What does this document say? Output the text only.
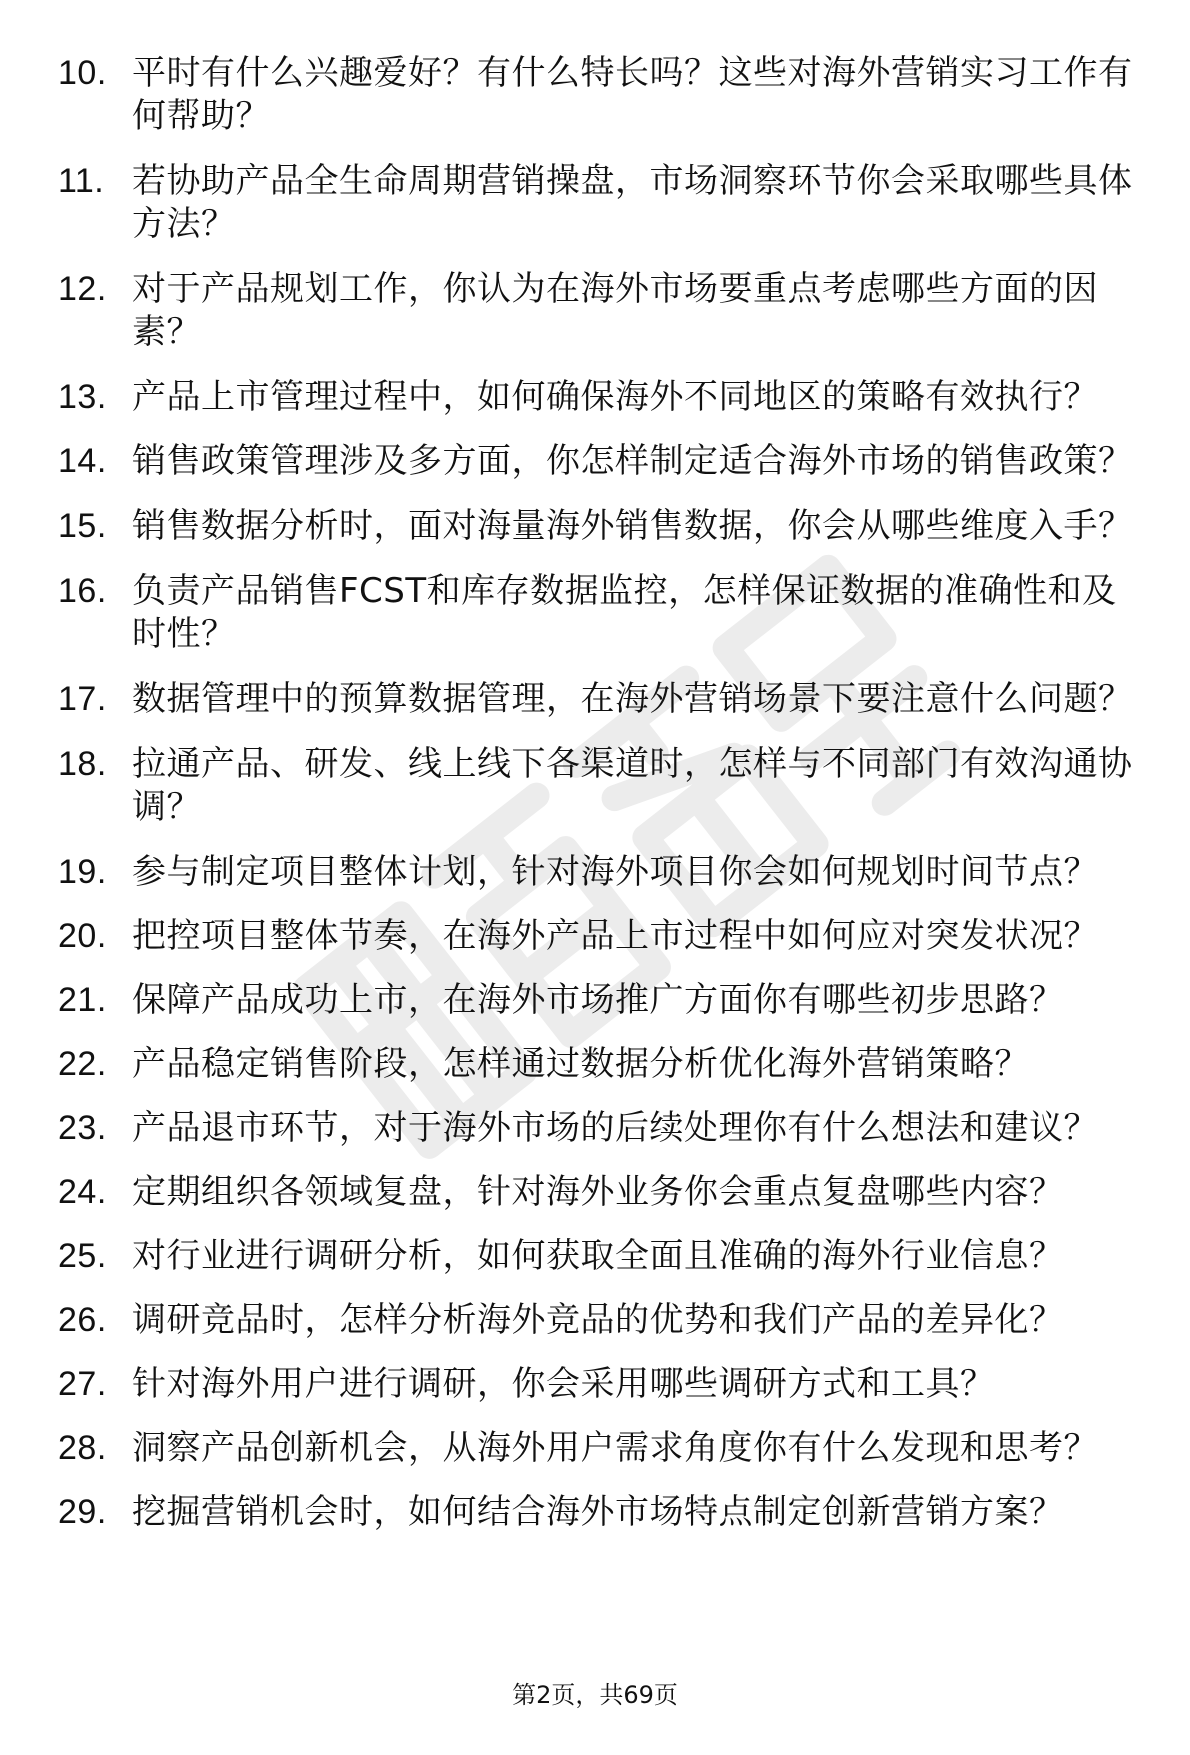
10. 平时有什么兴趣爱好？有什么特长吗？这些对海外营销实习工作有何帮助？
11. 若协助产品全生命周期营销操盘，市场洞察环节你会采取哪些具体方法？
12. 对于产品规划工作，你认为在海外市场要重点考虑哪些方面的因素？
13. 产品上市管理过程中，如何确保海外不同地区的策略有效执行？
14. 销售政策管理涉及多方面，你怎样制定适合海外市场的销售政策？
15. 销售数据分析时，面对海量海外销售数据，你会从哪些维度入手？
16. 负责产品销售FCST和库存数据监控，怎样保证数据的准确性和及时性？
17. 数据管理中的预算数据管理，在海外营销场景下要注意什么问题？
18. 拉通产品、研发、线上线下各渠道时，怎样与不同部门有效沟通协调？
19. 参与制定项目整体计划，针对海外项目你会如何规划时间节点？
20. 把控项目整体节奏，在海外产品上市过程中如何应对突发状况？
21. 保障产品成功上市，在海外市场推广方面你有哪些初步思路？
22. 产品稳定销售阶段，怎样通过数据分析优化海外营销策略？
23. 产品退市环节，对于海外市场的后续处理你有什么想法和建议？
24. 定期组织各领域复盘，针对海外业务你会重点复盘哪些内容？
25. 对行业进行调研分析，如何获取全面且准确的海外行业信息？
26. 调研竞品时，怎样分析海外竞品的优势和我们产品的差异化？
27. 针对海外用户进行调研，你会采用哪些调研方式和工具？
28. 洞察产品创新机会，从海外用户需求角度你有什么发现和思考？
29. 挖掘营销机会时，如何结合海外市场特点制定创新营销方案？
第2页，共69页
